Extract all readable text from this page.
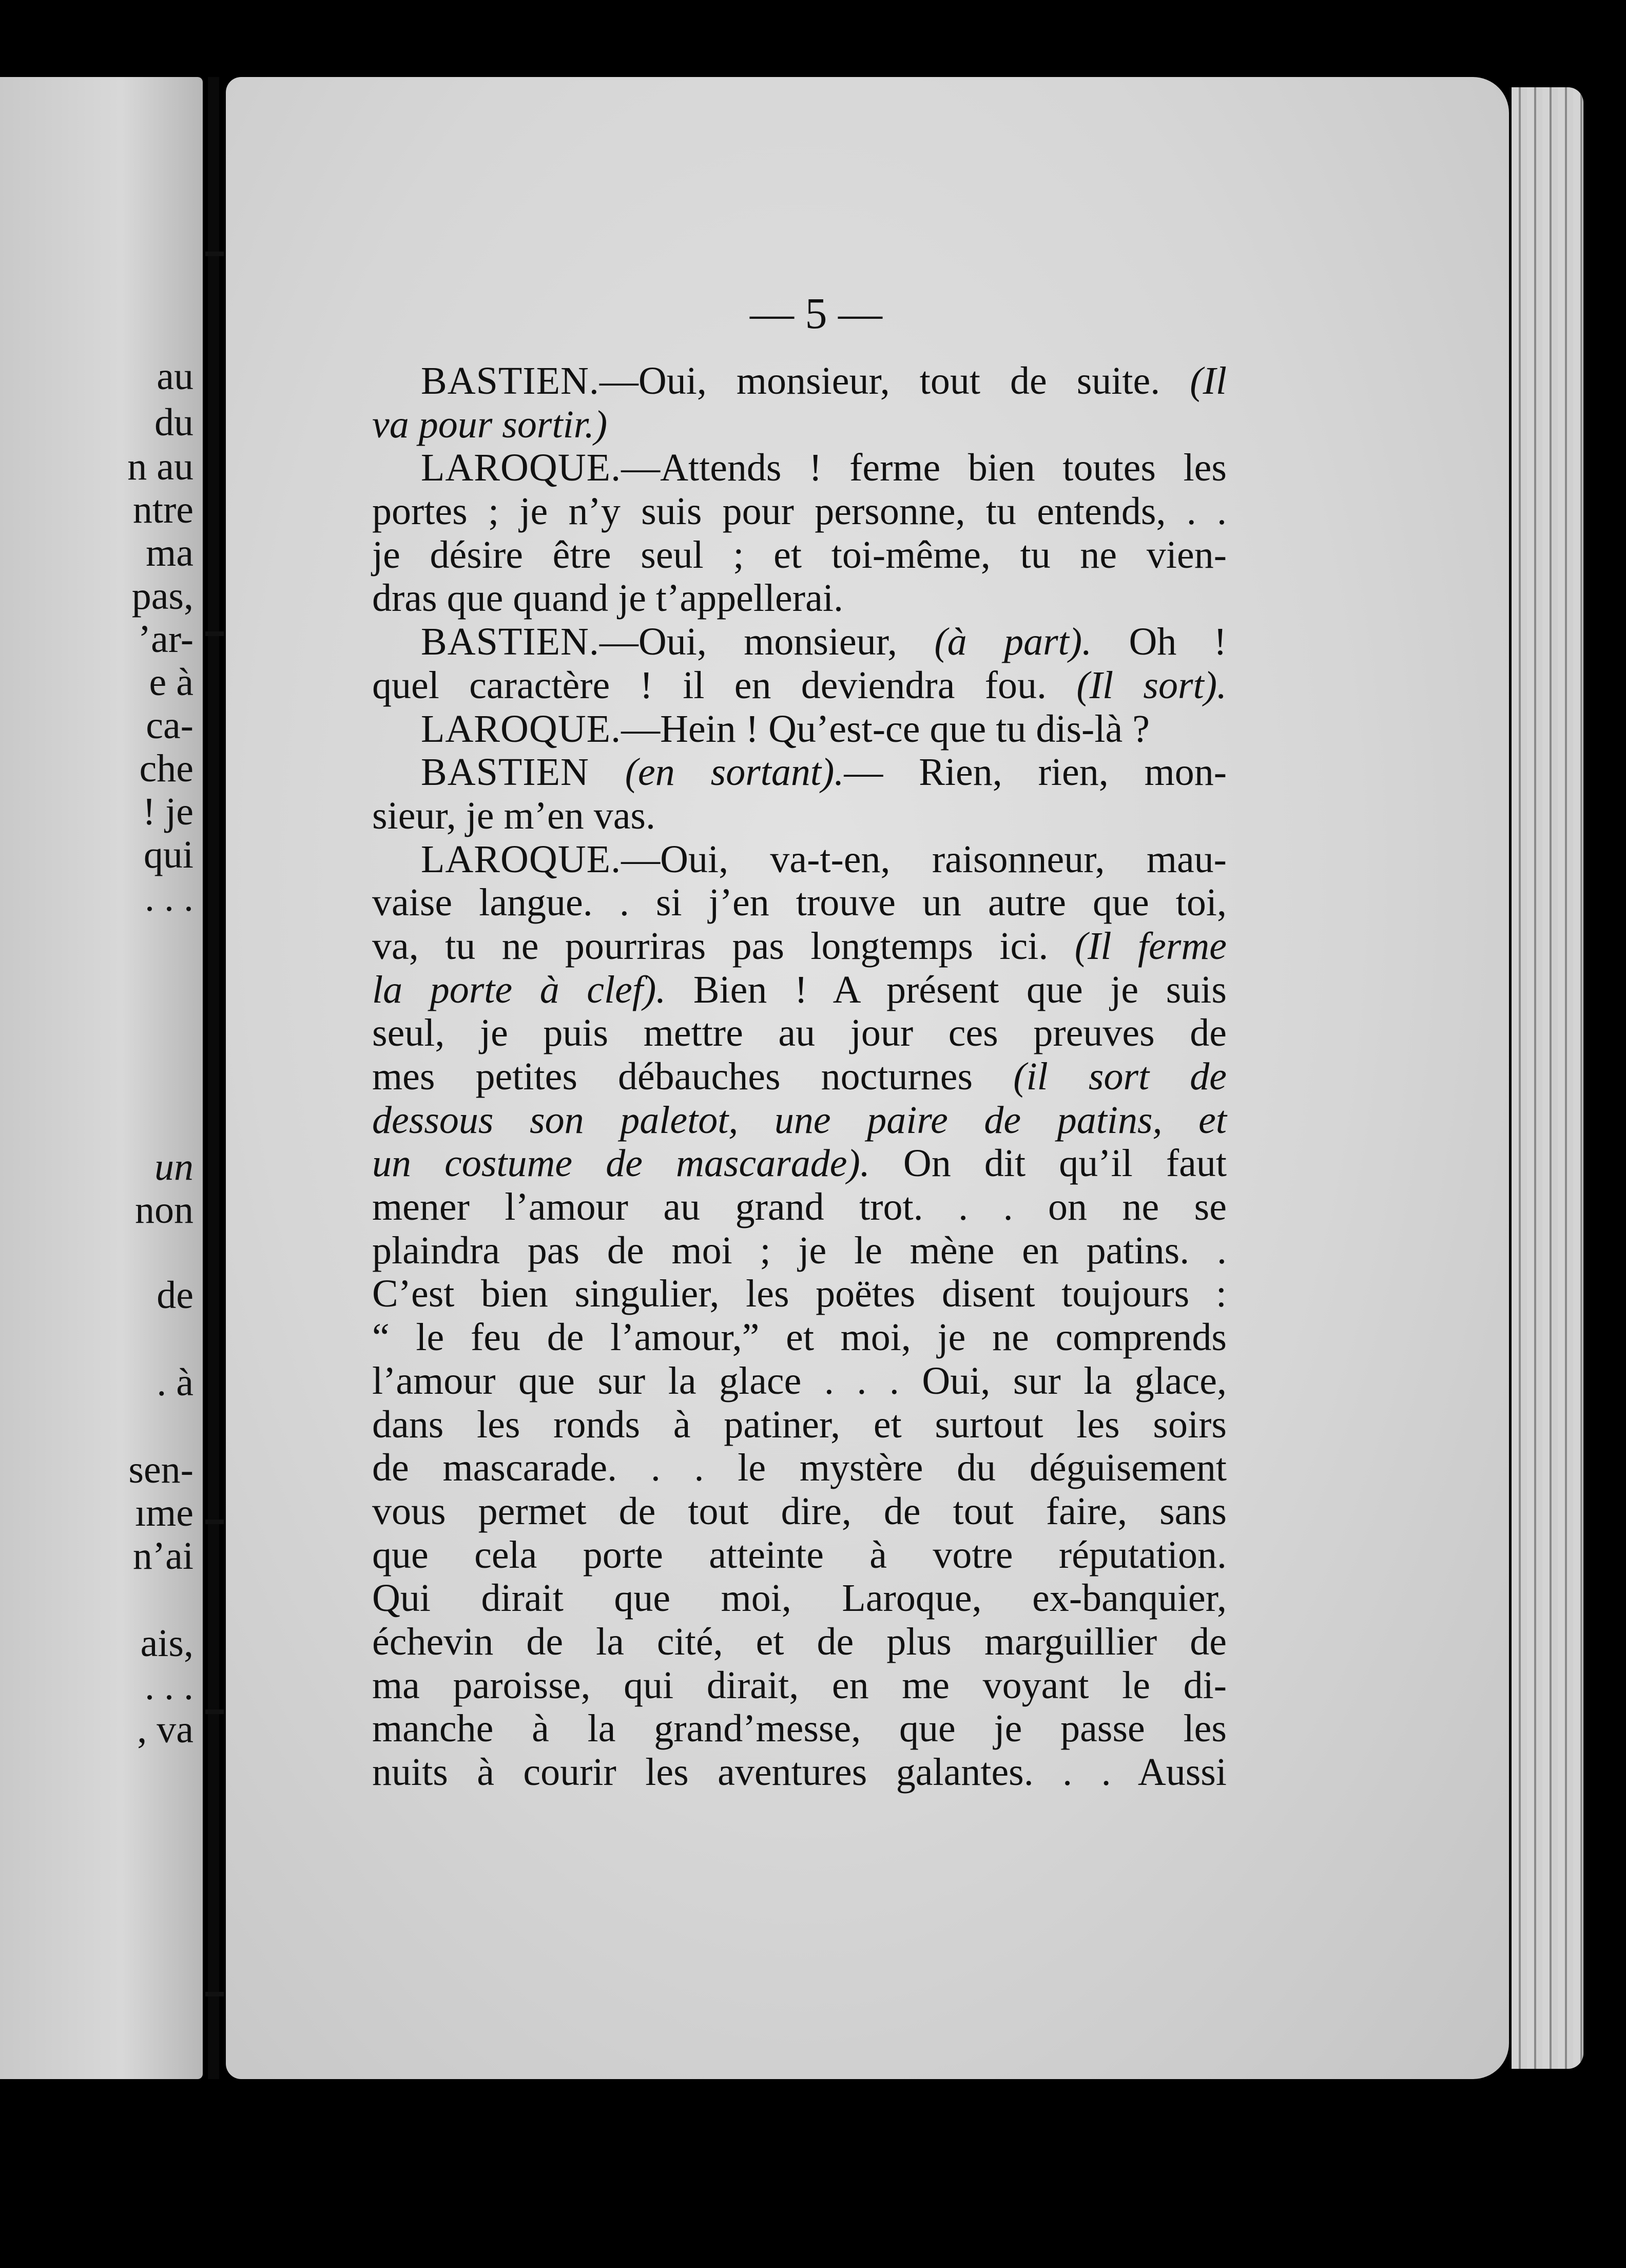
au
du
n au
ntre
ma
pas,
’ar-
e à
ca-
che
! je
qui
. . .
un
non
de
. à
sen-
ıme
n’ai
ais,
. . .
, va
— 5 —
BASTIEN.—Oui, monsieur, tout de suite. (Il
va pour sortir.)
LAROQUE.—Attends ! ferme bien toutes les
portes ; je n’y suis pour personne, tu entends, . .
je désire être seul ; et toi-même, tu ne vien-
dras que quand je t’appellerai.
BASTIEN.—Oui, monsieur, (à part). Oh !
quel caractère ! il en deviendra fou. (Il sort).
LAROQUE.—Hein ! Qu’est-ce que tu dis-là ?
BASTIEN (en sortant).— Rien, rien, mon-
sieur, je m’en vas.
LAROQUE.—Oui, va-t-en, raisonneur, mau-
vaise langue. . si j’en trouve un autre que toi,
va, tu ne pourriras pas longtemps ici. (Il ferme
la porte à clef). Bien ! A présent que je suis
seul, je puis mettre au jour ces preuves de
mes petites débauches nocturnes (il sort de
dessous son paletot, une paire de patins, et
un costume de mascarade). On dit qu’il faut
mener l’amour au grand trot. . . on ne se
plaindra pas de moi ; je le mène en patins. .
C’est bien singulier, les poëtes disent toujours :
“ le feu de l’amour,” et moi, je ne comprends
l’amour que sur la glace . . . Oui, sur la glace,
dans les ronds à patiner, et surtout les soirs
de mascarade. . . le mystère du déguisement
vous permet de tout dire, de tout faire, sans
que cela porte atteinte à votre réputation.
Qui dirait que moi, Laroque, ex-banquier,
échevin de la cité, et de plus marguillier de
ma paroisse, qui dirait, en me voyant le di-
manche à la grand’messe, que je passe les
nuits à courir les aventures galantes. . . Aussi
